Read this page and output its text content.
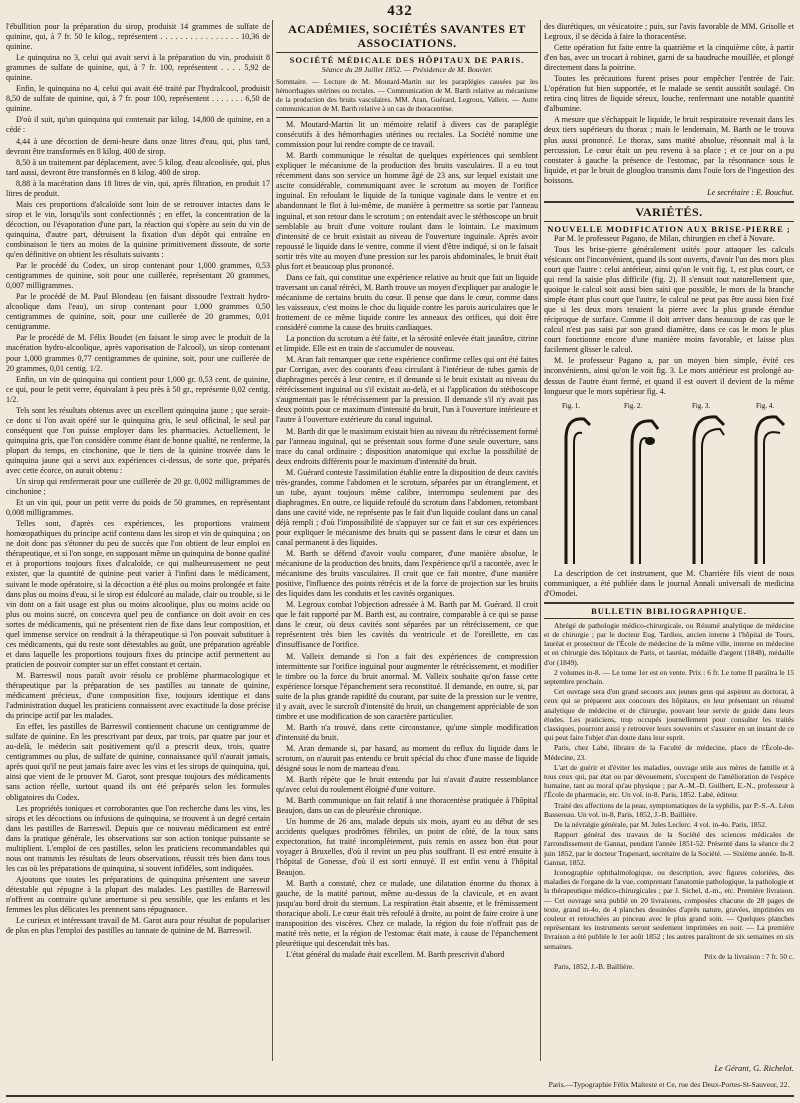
432

l'ébullition pour la préparation du sirop, produisit 14 grammes de sulfate de quinine, qui, à 7 fr. 50 le kilog., représentent . . . . . . . . . . . . . . . . 10,36 de quinine.

Le quinquina no 3, celui qui avait servi à la préparation du vin, produisit 8 grammes de sulfate de quinine, qui, à 7 fr. 100, représentent . . . . 5,92 de quinine.

Enfin, le quinquina no 4, celui qui avait été traité par l'hydralcool, produisit 8,50 de sulfate de quinine, qui, à 7 fr. pour 100, représentent . . . . . . . 6,50 de quinine.

D'où il suit, qu'un quinquina qui contenait par kilog. 14,800 de quinine, en a cédé :

4,44 à une décoction de demi-heure dans onze litres d'eau, qui, plus tard, devront être transformés en 8 kilog. 400 de sirop.

8,50 à un traitement par déplacement, avec 5 kilog. d'eau alcoolisée, qui, plus tard aussi, devront être transformés en 8 kilog. 400 de sirop.

8,88 à la macération dans 18 litres de vin, qui, après filtration, en produit 17 litres de produit.

Mais ces proportions d'alcaloïde sont loin de se retrouver intactes dans le sirop et le vin, lorsqu'ils sont confectionnés ; en effet, la concentration de la décoction, ou l'évaporation d'une part, la réaction qui s'opère au sein du vin de quinquina, d'autre part, détruisent la fixation d'un dépôt qui entraîne en combinaison le tiers au moins de la quinine primitivement dissoute, de sorte qu'en définitive on obtient les résultats suivants :

Par le procédé du Codex, un sirop contenant pour 1,000 grammes, 0,53 centigrammes de quinine, soit pour une cuillerée, représentant 20 grammes, 0,007 milligrammes.

Par le procédé de M. Paul Blondeau (en faisant dissoudre l'extrait hydro-alcoolique dans l'eau), un sirop contenant pour 1,000 grammes 0,50 centigrammes de quinine, soit, pour une cuillerée de 20 grammes, 0,01 centigramme.

Par le procédé de M. Félix Boudet (en faisant le sirop avec le produit de la macération hydro-alcoolique, après vaporisation de l'alcool), un sirop contenant pour 1,000 grammes 0,77 centigrammes de quinine, soit, pour une cuillerée de 20 grammes, 0,01 centig. 1/2.

Enfin, un vin de quinquina qui contient pour 1,000 gr. 0,53 cent. de quinine, ce qui, pour le petit verre, équivalant à peu près à 50 gr., représente 0,02 centig. 1/2.

Tels sont les résultats obtenus avec un excellent quinquina jaune ; que serait-ce donc si l'on avait opéré sur le quinquina gris, le seul officinal, le seul par conséquent que l'on puisse employer dans les pharmacies. Actuellement, le quinquina gris, que l'on considère comme étant de bonne qualité, ne renferme, la plupart du temps, en cinchonine, que le tiers de la quinine trouvée dans le quinquina jaune qui a servi aux expériences ci-dessus, de sorte que, préparés avec cette écorce, on aurait obtenu :

Un sirop qui renfermerait pour une cuillerée de 20 gr. 0,002 milligrammes de cinchonine ;

Et un vin qui, pour un petit verre du poids de 50 grammes, en représentant 0,008 milligrammes.

Telles sont, d'après ces expériences, les proportions vraiment homœopathiques du principe actif contenu dans les sirop et vin de quinquina ; on ne doit donc pas s'étonner du peu de succès que l'on obtient de leur emploi en thérapeutique, et si l'on songe, en supposant même un quinquina de bonne qualité et à proportions toujours fixes d'alcaloïde, ce qui malheureusement ne peut exister, que la quantité de quinine peut varier à l'infini dans le médicament, suivant le mode opératoire, si la décoction a été plus ou moins prolongée et faite dans plus ou moins d'eau, si le sirop est édulcoré au malade, clair ou trouble, si le vin dont on a fait usage est plus ou moins alcoolique, plus ou moins acide ou plus ou moins sucré, on concevra quel peu de confiance on doit avoir en ces sortes de médicaments, qui ne présentent rien de fixe dans leur composition, et quel immense service on rendrait à la thérapeutique si l'on pouvait substituer à ces médicaments, qui du reste sont détestables au goût, une préparation agréable et dans laquelle les proportions toujours fixes du principe actif permettent au praticien de pouvoir compter sur un effet constant et certain.

M. Barreswil nous paraît avoir résolu ce problème pharmacologique et thérapeutique par la préparation de ses pastilles au tannate de quinine, médicament précieux, d'une composition fixe, toujours identique et dans l'administration duquel les praticiens connaissent avec exactitude la dose précise du principe actif par les malades.

En effet, les pastilles de Barreswil contiennent chacune un centigramme de sulfate de quinine. En les prescrivant par deux, par trois, par quatre par jour et au-delà, le médecin sait positivement qu'il a prescrit deux, trois, quatre centigrammes ou plus, de sulfate de quinine, connaissance qu'il n'aurait jamais, après quoi qu'il ne peut jamais faire avec les vins et les sirops de quinquina, qui, ainsi que vient de le prouver M. Garot, sont presque toujours des médicaments sans action réelle, surtout quand ils ont été préparés selon les formules obligatoires du Codex.

Les propriétés toniques et corroborantes que l'on recherche dans les vins, les sirops et les décoctions ou infusions de quinquina, se trouvent à un degré certain dans les pastilles de Barreswil. Depuis que ce nouveau médicament est entré dans la pratique générale, les observations sur son action tonique puissante se multiplient. L'emploi de ces pastilles, selon les praticiens recommandables qui nous ont transmis les résultats de leurs observations, réussit très bien dans tous les cas où les préparations de quinquina, si souvent infidèles, sont indiquées.

Ajoutons que toutes les préparations de quinquina présentent une saveur détestable qui répugne à la plupart des malades. Les pastilles de Barreswil n'offrent au contraire qu'une amertume si peu sensible, que les enfants et les femmes les plus délicates les prennent sans répugnance.

Le curieux et intéressant travail de M. Garot aura pour résultat de populariser de plus en plus l'emploi des pastilles au tannate de quinine de M. Barreswil.

ACADÉMIES, SOCIÉTÉS SAVANTES ET ASSOCIATIONS.
SOCIÉTÉ MÉDICALE DES HÔPITAUX DE PARIS.
Séance du 28 Juillet 1852. — Présidence de M. Bouvier.
Sommaire. — Lecture de M. Moutard-Martin sur les paraplégies causées par les hémorrhagies utérines ou rectales. — Communication de M. Barth relative au mécanisme de la production des bruits vasculaires. MM. Aran, Guérard, Legroux, Valleix. — Autre communication de M. Barth relative à un cas de thoracentèse.

M. Moutard-Martin lit un mémoire relatif à divers cas de paraplégie consécutifs à des hémorrhagies utérines ou rectales. La Société nomme une commission pour lui rendre compte de ce travail.

M. Barth communique le résultat de quelques expériences qui semblent expliquer le mécanisme de la production des bruits vasculaires. Il a eu tout récemment dans son service un homme âgé de 23 ans, sur lequel existait une ascite considérable, communiquant avec le scrotum au moyen de l'orifice inguinal. En refoulant le liquide de la tunique vaginale dans le ventre et en abandonnant le flot à lui-même, de manière à permettre sa sortie par l'anneau inguinal, et son retour dans le scrotum ; on entendait avec le stéthoscope un bruit semblable au bruit d'une voiture roulant dans le lointain. Le maximum d'intensité de ce bruit existait au niveau de l'ouverture inguinale. Après avoir repoussé le liquide dans le ventre, comme il vient d'être indiqué, si on le faisait sortir très vite au moyen d'une pression sur les parois abdominales, le bruit était plus fort et beaucoup plus prononcé.

Dans ce fait, qui constitue une expérience relative au bruit que fait un liquide traversant un canal rétréci, M. Barth trouve un moyen d'expliquer par analogie le mécanisme de certains bruits du cœur. Il pense que dans le cœur, comme dans les vaisseaux, c'est moins le choc du liquide contre les parois auriculaires que le frottement de ce même liquide contre les anneaux des orifices, qui doit être considéré comme la cause des bruits cardiaques.

La ponction du scrotum a été faite, et la sérosité enlevée était jaunâtre, citrine et limpide. Elle est en train de s'accumuler de nouveau.

M. Aran fait remarquer que cette expérience confirme celles qui ont été faites par Corrigan, avec des courants d'eau circulant à l'intérieur de tubes garnis de diaphragmes percés à leur centre, et il demande si le bruit existait au niveau du rétrécissement inguinal ou s'il existait au-delà, et si l'application du stéthoscope s'augmentait pas le rétrécissement par la pression. Il demande s'il n'y avait pas deux points pour ce maximum d'intensité du bruit, l'un à l'ouverture intérieure et l'autre à l'ouverture extérieure du canal inguinal.

M. Barth dit que le maximum existait bien au niveau du rétrécissement formé par l'anneau inguinal, qui se présentait sous forme d'une seule ouverture, sans trace du canal ordinaire ; disposition anatomique qui exclue la possibilité de deux endroits différents pour le maximum d'intensité du bruit.

M. Guérard conteste l'assimilation établie entre la disposition de deux cavités très-grandes, comme l'abdomen et le scrotum, séparées par un étranglement, et un tube, ayant toujours même calibre, interrompu seulement par des diaphragmes. En outre, ce liquide refoulé du scrotum dans l'abdomen, retombant dans une cavité vide, ne représente pas le fait d'un liquide coulant dans un canal déjà rempli ; d'où l'impossibilité de s'appuyer sur ce fait et sur ces expériences pour expliquer le mécanisme des bruits qui se passent dans le cœur et dans un canal permanent à des liquides.

M. Barth se défend d'avoir voulu comparer, d'une manière absolue, le mécanisme de la production des bruits, dans l'expérience qu'il a racontée, avec le mécanisme des bruits vasculaires. Il croit que ce fait montre, d'une manière positive, l'influence des points rétrécis et de la force de projection sur les bruits des liquides dans les conduits et les cavités organiques.

M. Legroux combat l'objection adressée à M. Barth par M. Guérard. Il croit que le fait rapporté par M. Barth est, au contraire, comparable à ce qui se passe dans le cœur, où deux cavités sont séparées par un rétrécissement, ce que représentent très bien les cavités du ventricule et de l'oreillette, en cas d'insuffisance de l'orifice.

M. Valleix demande si l'on a fait des expériences de compression intermittente sur l'orifice inguinal pour augmenter le rétrécissement, et modifier le timbre ou la force du bruit anormal. M. Valleix souhaite qu'on fasse cette expérience lorsque l'épanchement sera reconstitué. Il demande, en outre, si, par suite de la plus grande rapidité du courant, par suite de la pression sur le ventre, il y avait, avec le surcroît d'intensité du bruit, un changement appréciable de son timbre et une modification de son caractère particulier.

M. Barth n'a trouvé, dans cette circonstance, qu'une simple modification d'intensité du bruit.

M. Aran demande si, par hasard, au moment du reflux du liquide dans le scrotum, on n'aurait pas entendu ce bruit spécial du choc d'une masse de liquide désigné sous le nom de marteau d'eau.

M. Barth répète que le bruit entendu par lui n'avait d'autre ressemblance qu'avec celui du roulement éloigné d'une voiture.

M. Barth communique un fait relatif à une thoracentèse pratiquée à l'hôpital Beaujon, dans un cas de pleurésie chronique.

Un homme de 26 ans, malade depuis six mois, ayant eu au début de ses accidents quelques prodrômes fébriles, un point de côté, de la toux sans expectoration, fut traité incomplètement, puis remis en assez bon état pour voyager à Bruxelles, d'où il revint un peu plus souffrant. Il est entré ensuite à l'hôpital de Gonesse, d'où il est sorti ennuyé. Il est enfin venu à l'hôpital Beaujon.

M. Barth a constaté, chez ce malade, une dilatation énorme du thorax à gauche, de la matité partout, même au-dessus de la clavicule, et en avant jusqu'au bord droit du sternum. La respiration était absente, et le frémissement thoracique aboli. Le cœur était très refoulé à droite, au point de faire croire à une transposition des viscères. Chez ce malade, la région du foie n'offrait pas de matité très nette, et la région de l'estomac était mate, à cause de l'épanchement pleurétique qui descendait très bas.

L'état général du malade était excellent. M. Barth prescrivit d'abord

des diurétiques, un vésicatoire ; puis, sur l'avis favorable de MM. Grisolle et Legroux, il se décida à faire la thoracentèse.

Cette opération fut faite entre la quatrième et la cinquième côte, à partir d'en bas, avec un trocart à robinet, garni de sa baudruche mouillée, et plongé directement dans la poitrine.

Toutes les précautions furent prises pour empêcher l'entrée de l'air. L'opération fut bien supportée, et le malade se sentit aussitôt soulagé. On retira cinq litres de liquide séreux, louche, renfermant une notable quantité d'albumine.

A mesure que s'échappait le liquide, le bruit respiratoire revenait dans les deux tiers supérieurs du thorax ; mais le lendemain, M. Barth ne le trouva plus aussi prononcé. Le thorax, sans matité absolue, résonnait mal à la percussion. Le cœur était un peu revenu à sa place ; et ce jour on a pu constater à gauche la présence de l'estomac, par la résonnance sous le liquide, et par le bruit de glouglou transmis dans l'ouïe lors de l'ingestion des boissons.

Le secrétaire : E. Bouchut.
VARIÉTÉS.
NOUVELLE MODIFICATION AUX BRISE-PIERRE ;

Par M. le professeur Pagano, de Milan, chirurgien en chef à Novare.

Tous les brise-pierre généralement usités pour attaquer les calculs vésicaux ont l'inconvénient, quand ils sont ouverts, d'avoir l'un des mors plus court que l'autre : celui antérieur, ainsi qu'on le voit fig. 1, est plus court, ce qui rend la saisie plus difficile (fig. 2). Il s'ensuit tout naturellement que, quoique le calcul soit aussi bien saisi que possible, le mors de la branche simple étant plus court que l'autre, le calcul ne peut pas être aussi bien fixé que si les deux mors tenaient la pierre avec la plus grande étendue réciproque de surface. Comme il doit arriver dans beaucoup de cas que le calcul n'est pas saisi par son grand diamètre, dans ce cas le mors le plus court fonctionne encore d'une manière moins favorable, et laisse plus facilement glisser le calcul.

M. le professeur Pagano a, par un moyen bien simple, évité ces inconvénients, ainsi qu'on le voit fig. 3. Le mors antérieur est prolongé au-dessus de l'autre étant fermé, et quand il est ouvert il devient de la même longueur que le mors supérieur fig. 4.

Fig. 1.	Fig. 2.	Fig. 3.	Fig. 4.

La description de cet instrument, que M. Charrière fils vient de nous communiquer, a été publiée dans le journal Annali universali de medicina d'Omodei.

BULLETIN BIBLIOGRAPHIQUE.

Abrégé de pathologie médico-chirurgicale, ou Résumé analytique de médecine et de chirurgie ; par le docteur Eug. Tardieu, ancien interne à l'hôpital de Tours, lauréat et prosecteur de l'École de médecine de la même ville, interne en médecine et en chirurgie des hôpitaux de Paris, et lauréat, médaille d'argent (1848), médaille d'or (1849).

2 volumes in-8. — Le tome 1er est en vente. Prix : 6 fr. Le tome II paraîtra le 15 septembre prochain.

Cet ouvrage sera d'un grand secours aux jeunes gens qui aspirent au doctorat, à ceux qui se préparent aux concours des hôpitaux, en leur présentant un résumé analytique de médecine et de chirurgie, pouvant leur servir de guide dans leurs études. Les praticiens, trop occupés journellement pour consulter les traités classiques, pourront aussi y retrouver leurs souvenirs et s'assurer en un instant de ce qui peut faire l'objet d'un doute dans leur esprit.

Paris, chez Labé, libraire de la Faculté de médecine, place de l'École-de-Médecine, 23.

L'art de guérir et d'éviter les maladies, ouvrage utile aux mères de famille et à tous ceux qui, par état ou par dévouement, s'occupent de l'amélioration de l'espèce humaine, tant au moral qu'au physique ; par A.-M.-D. Guilbert, E.-N., professeur à l'École de pharmacie, etc. Un vol. in-8. Paris, 1852. Labé, éditeur.

Traité des affections de la peau, symptomatiques de la syphilis, par P.-S.-A. Léon Bassereau. Un vol. in-8, Paris, 1852, J.-B. Baillière.

De la névralgie générale, par M. Jules Leclerc. 4 vol. in-4o. Paris, 1852.

Rapport général des travaux de la Société des sciences médicales de l'arrondissement de Gannat, pendant l'année 1851-52. Présenté dans la séance du 2 juin 1852, par le docteur Trapenard, secrétaire de la Société. — Sixième année. In-8. Gannat, 1852.

Iconographie ophthalmologique, ou description, avec figures coloriées, des maladies de l'organe de la vue, comprenant l'anatomie pathologique, la pathologie et la thérapeutique médico-chirurgicales ; par J. Sichel, d.-m., etc. Première livraison. — Cet ouvrage sera publié en 20 livraisons, composées chacune de 28 pages de texte, grand in-4o, de 4 planches dessinées d'après nature, gravées, imprimées en couleur et retouchées au pinceau avec le plus grand soin. — Quelques planches représentant les instruments seront seulement imprimées en noir. — La première livraison a été publiée le 1er août 1852 ; les autres paraîtront de six semaines en six semaines.

Prix de la livraison : 7 fr. 50 c.

Paris, 1852, J.-B. Baillière.

Le Gérant, G. Richelot.
Paris.—Typographie Félix Malteste et Ce, rue des Deux-Portes-St-Sauveur, 22.
